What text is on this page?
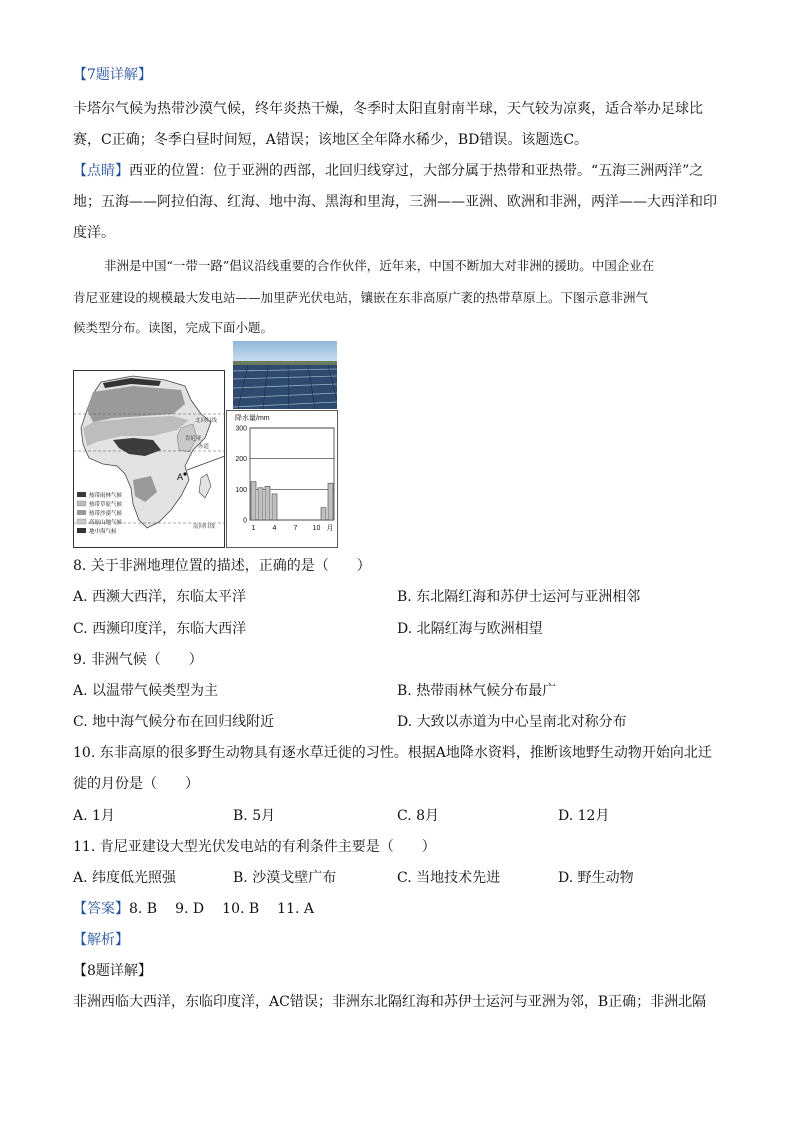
【7题详解】
卡塔尔气候为热带沙漠气候，终年炎热干燥，冬季时太阳直射南半球，天气较为凉爽，适合举办足球比
赛，C正确；冬季白昼时间短，A错误；该地区全年降水稀少，BD错误。该题选C。
【点睛】西亚的位置：位于亚洲的西部，北回归线穿过，大部分属于热带和亚热带。“五海三洲两洋”之
地；五海——阿拉伯海、红海、地中海、黑海和里海，三洲——亚洲、欧洲和非洲，两洋——大西洋和印
度洋。
非洲是中国“一带一路”倡议沿线重要的合作伙伴，近年来，中国不断加大对非洲的援助。中国企业在
肯尼亚建设的规模最大发电站——加里萨光伏电站，镶嵌在东非高原广袤的热带草原上。下图示意非洲气
候类型分布。读图，完成下面小题。
北回归线
赤道
南回归线
肯尼亚
A
热带雨林气候
热带草原气候
热带沙漠气候
高原山地气候
地中海气候
降水量/mm
0
100
200
300
1 4 7 10 月
8. 关于非洲地理位置的描述，正确的是（　　）
A. 西濒大西洋，东临太平洋	B. 东北隔红海和苏伊士运河与亚洲相邻
C. 西濒印度洋，东临大西洋	D. 北隔红海与欧洲相望
9. 非洲气候（　　）
A. 以温带气候类型为主	B. 热带雨林气候分布最广
C. 地中海气候分布在回归线附近	D. 大致以赤道为中心呈南北对称分布
10. 东非高原的很多野生动物具有逐水草迁徙的习性。根据A地降水资料，推断该地野生动物开始向北迁
徙的月份是（　　）
A. 1月	B. 5月	C. 8月	D. 12月
11. 肯尼亚建设大型光伏发电站的有利条件主要是（　　）
A. 纬度低光照强	B. 沙漠戈壁广布	C. 当地技术先进	D. 野生动物
【答案】8. B 9. D 10. B 11. A
【解析】
【8题详解】
非洲西临大西洋，东临印度洋，AC错误；非洲东北隔红海和苏伊士运河与亚洲为邻，B正确；非洲北隔
